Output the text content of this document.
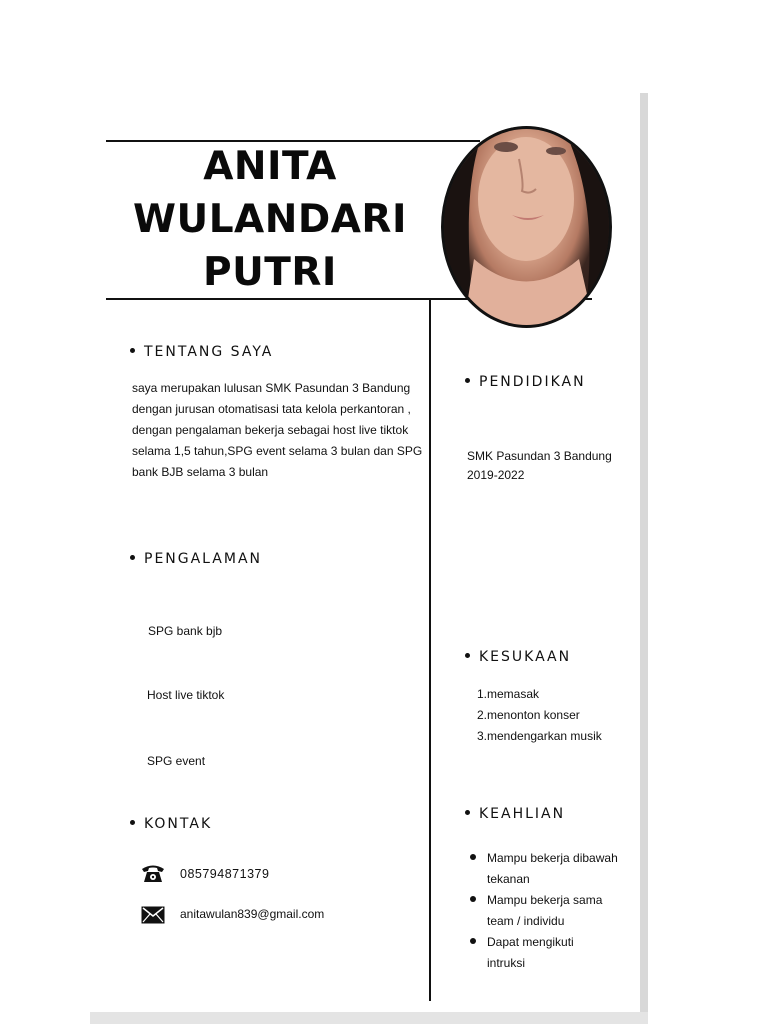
ANITA
WULANDARI
PUTRI
TENTANG SAYA
saya merupakan lulusan SMK Pasundan 3 Bandung
dengan jurusan otomatisasi tata kelola perkantoran ,
dengan pengalaman bekerja sebagai host live tiktok
selama 1,5 tahun,SPG event selama 3 bulan dan SPG
bank BJB selama 3 bulan
PENGALAMAN
SPG bank bjb
Host live tiktok
SPG event
KONTAK
085794871379
anitawulan839@gmail.com
PENDIDIKAN
SMK Pasundan 3 Bandung
2019-2022
KESUKAAN
1.memasak
2.menonton konser
3.mendengarkan musik
KEAHLIAN
Mampu bekerja dibawah
tekanan
Mampu bekerja sama
team / individu
Dapat mengikuti
intruksi
